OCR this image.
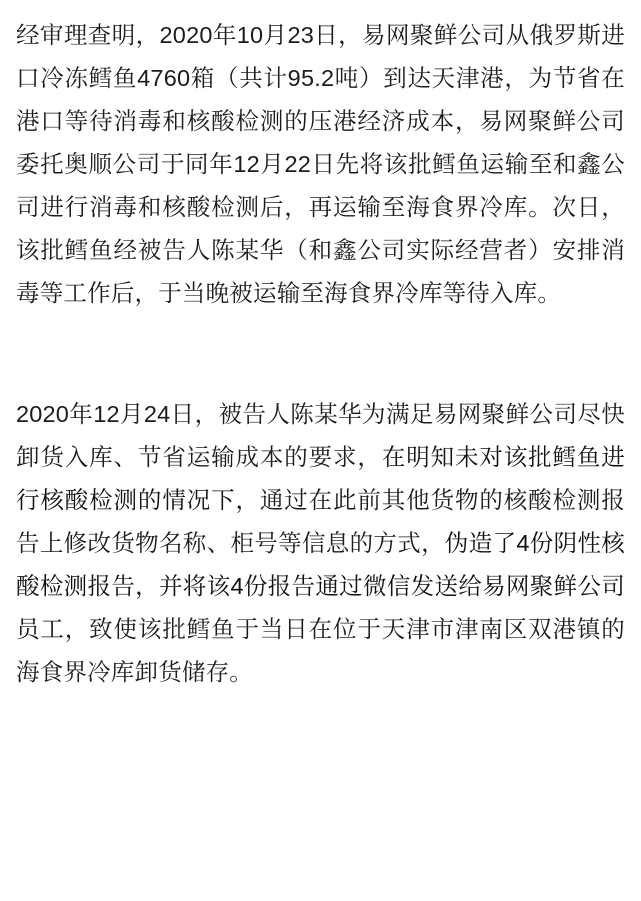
经审理查明，2020年10月23日，易网聚鲜公司从俄罗斯进口冷冻鳕鱼4760箱（共计95.2吨）到达天津港，为节省在港口等待消毒和核酸检测的压港经济成本，易网聚鲜公司委托奥顺公司于同年12月22日先将该批鳕鱼运输至和鑫公司进行消毒和核酸检测后，再运输至海食界冷库。次日，该批鳕鱼经被告人陈某华（和鑫公司实际经营者）安排消毒等工作后，于当晚被运输至海食界冷库等待入库。

2020年12月24日，被告人陈某华为满足易网聚鲜公司尽快卸货入库、节省运输成本的要求，在明知未对该批鳕鱼进行核酸检测的情况下，通过在此前其他货物的核酸检测报告上修改货物名称、柜号等信息的方式，伪造了4份阴性核酸检测报告，并将该4份报告通过微信发送给易网聚鲜公司员工，致使该批鳕鱼于当日在位于天津市津南区双港镇的海食界冷库卸货储存。
